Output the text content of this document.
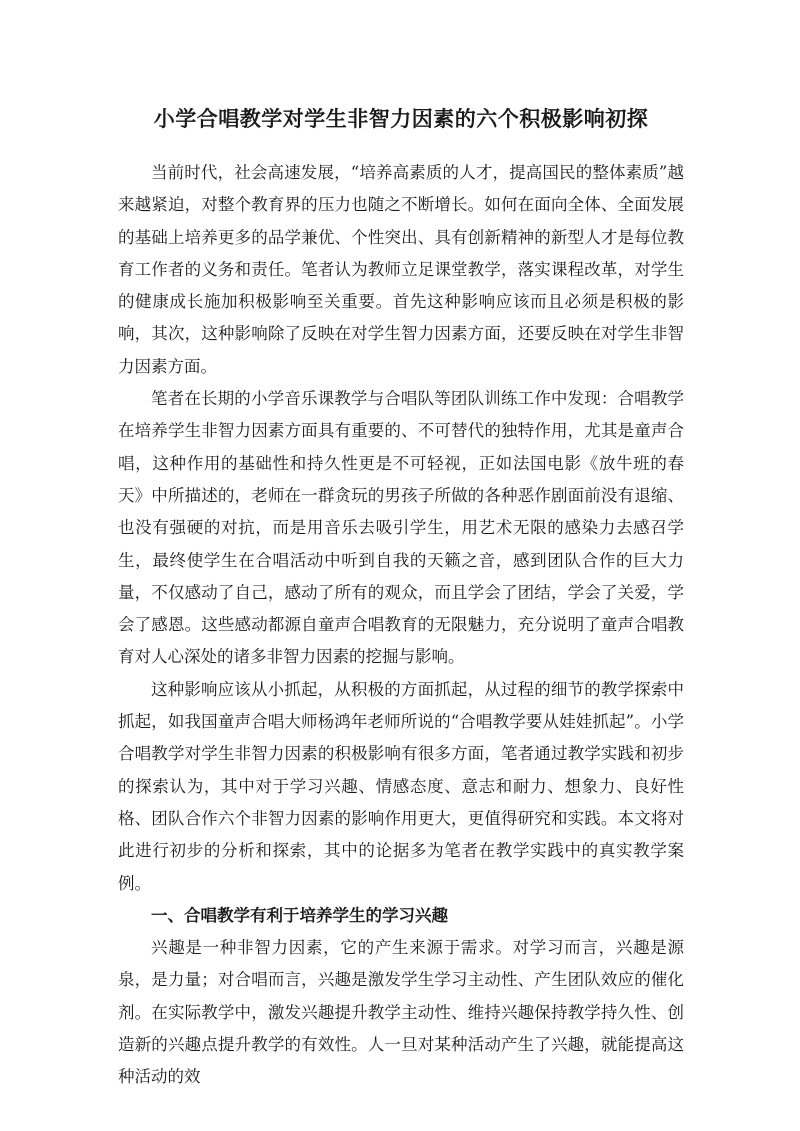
小学合唱教学对学生非智力因素的六个积极影响初探

当前时代，社会高速发展，“培养高素质的人才，提高国民的整体素质”越来越紧迫，对整个教育界的压力也随之不断增长。如何在面向全体、全面发展的基础上培养更多的品学兼优、个性突出、具有创新精神的新型人才是每位教育工作者的义务和责任。笔者认为教师立足课堂教学，落实课程改革，对学生的健康成长施加积极影响至关重要。首先这种影响应该而且必须是积极的影响，其次，这种影响除了反映在对学生智力因素方面，还要反映在对学生非智力因素方面。

笔者在长期的小学音乐课教学与合唱队等团队训练工作中发现：合唱教学在培养学生非智力因素方面具有重要的、不可替代的独特作用，尤其是童声合唱，这种作用的基础性和持久性更是不可轻视，正如法国电影《放牛班的春天》中所描述的，老师在一群贪玩的男孩子所做的各种恶作剧面前没有退缩、也没有强硬的对抗，而是用音乐去吸引学生，用艺术无限的感染力去感召学生，最终使学生在合唱活动中听到自我的天籁之音，感到团队合作的巨大力量，不仅感动了自己，感动了所有的观众，而且学会了团结，学会了关爱，学会了感恩。这些感动都源自童声合唱教育的无限魅力，充分说明了童声合唱教育对人心深处的诸多非智力因素的挖掘与影响。

这种影响应该从小抓起，从积极的方面抓起，从过程的细节的教学探索中抓起，如我国童声合唱大师杨鸿年老师所说的“合唱教学要从娃娃抓起”。小学合唱教学对学生非智力因素的积极影响有很多方面，笔者通过教学实践和初步的探索认为，其中对于学习兴趣、情感态度、意志和耐力、想象力、良好性格、团队合作六个非智力因素的影响作用更大，更值得研究和实践。本文将对此进行初步的分析和探索，其中的论据多为笔者在教学实践中的真实教学案例。

一、合唱教学有利于培养学生的学习兴趣

兴趣是一种非智力因素，它的产生来源于需求。对学习而言，兴趣是源泉，是力量；对合唱而言，兴趣是激发学生学习主动性、产生团队效应的催化剂。在实际教学中，激发兴趣提升教学主动性、维持兴趣保持教学持久性、创造新的兴趣点提升教学的有效性。人一旦对某种活动产生了兴趣，就能提高这种活动的效
